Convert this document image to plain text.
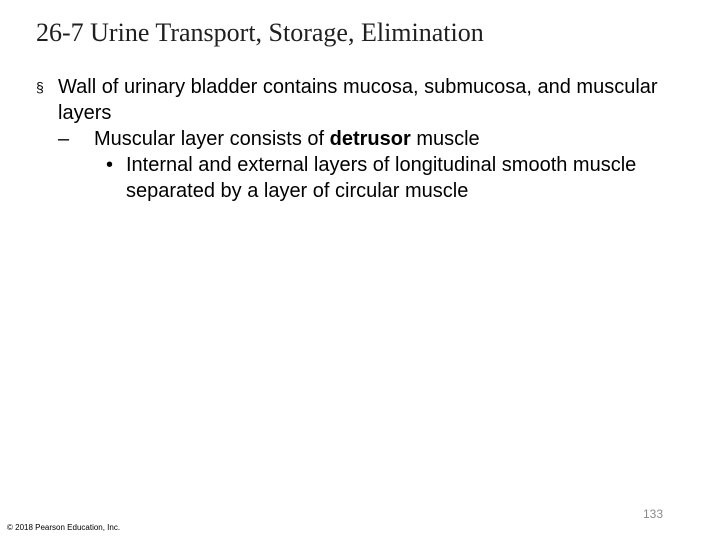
26-7 Urine Transport, Storage, Elimination
§ Wall of urinary bladder contains mucosa, submucosa, and muscular layers
– Muscular layer consists of detrusor muscle
• Internal and external layers of longitudinal smooth muscle separated by a layer of circular muscle
133
© 2018 Pearson Education, Inc.
